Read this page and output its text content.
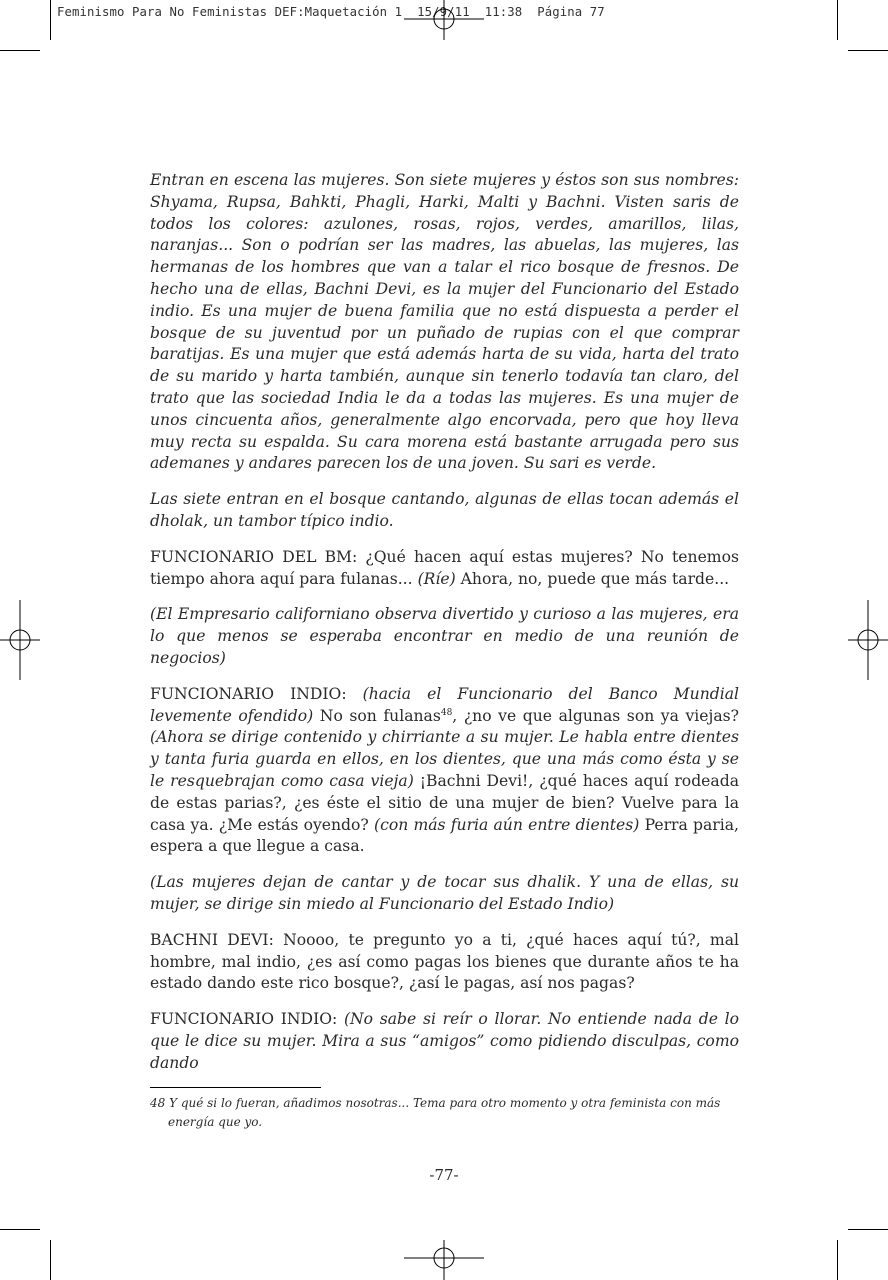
Feminismo Para No Feministas DEF:Maquetación 1 15/9/11  11:38  Página 77

Entran en escena las mujeres. Son siete mujeres y éstos son sus nombres: Shyama, Rupsa, Bahkti, Phagli, Harki, Malti y Bachni. Visten saris de todos los colores: azulones, rosas, rojos, verdes, amarillos, lilas, naranjas... Son o podrían ser las madres, las abuelas, las mujeres, las hermanas de los hombres que van a talar el rico bosque de fresnos. De hecho una de ellas, Bachni Devi, es la mujer del Funcionario del Estado indio. Es una mujer de buena familia que no está dispuesta a perder el bosque de su juventud por un puñado de rupias con el que comprar baratijas. Es una mujer que está además harta de su vida, harta del trato de su marido y harta también, aunque sin tenerlo todavía tan claro, del trato que las sociedad India le da a todas las mujeres. Es una mujer de unos cincuenta años, generalmente algo encorvada, pero que hoy lleva muy recta su espalda. Su cara morena está bastante arrugada pero sus ademanes y andares parecen los de una joven. Su sari es verde.

Las siete entran en el bosque cantando, algunas de ellas tocan además el dholak, un tambor típico indio.

FUNCIONARIO DEL BM: ¿Qué hacen aquí estas mujeres? No tenemos tiempo ahora aquí para fulanas... (Ríe) Ahora, no, puede que más tarde...

(El Empresario californiano observa divertido y curioso a las mujeres, era lo que menos se esperaba encontrar en medio de una reunión de negocios)

FUNCIONARIO INDIO: (hacia el Funcionario del Banco Mundial levemente ofendido) No son fulanas$^{48}$, ¿no ve que algunas son ya viejas? (Ahora se dirige contenido y chirriante a su mujer. Le habla entre dientes y tanta furia guarda en ellos, en los dientes, que una más como ésta y se le resquebrajan como casa vieja) ¡Bachni Devi!, ¿qué haces aquí rodeada de estas parias?, ¿es éste el sitio de una mujer de bien? Vuelve para la casa ya. ¿Me estás oyendo? (con más furia aún entre dientes) Perra paria, espera a que llegue a casa.

(Las mujeres dejan de cantar y de tocar sus dhalik. Y una de ellas, su mujer, se dirige sin miedo al Funcionario del Estado Indio)

BACHNI DEVI: Noooo, te pregunto yo a ti, ¿qué haces aquí tú?, mal hombre, mal indio, ¿es así como pagas los bienes que durante años te ha estado dando este rico bosque?, ¿así le pagas, así nos pagas?

FUNCIONARIO INDIO: (No sabe si reír o llorar. No entiende nada de lo que le dice su mujer. Mira a sus “amigos” como pidiendo disculpas, como dando

48 Y qué si lo fueran, añadimos nosotras... Tema para otro momento y otra feminista con más
energía que yo.
-77-
